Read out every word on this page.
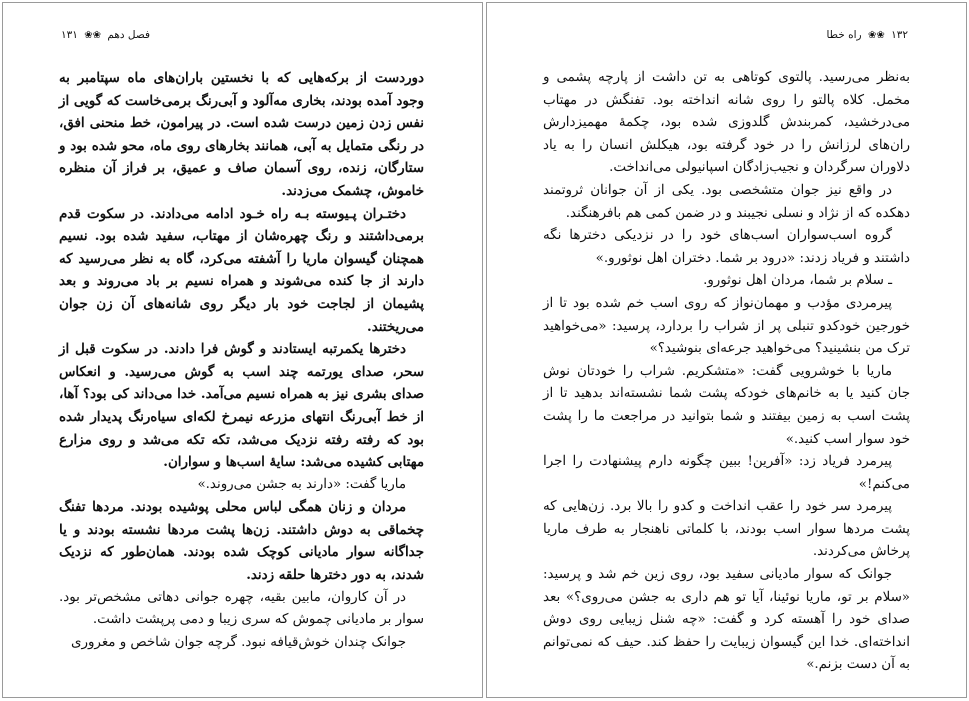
فصل دهم ❀❀ ۱۳۱

دوردست از برکه‌هایی که با نخستین باران‌های ماه سپتامبر به وجود آمده بودند، بخاری مه‌آلود و آبی‌رنگ برمی‌خاست که گویی از نفس زدن زمین درست شده است. در پیرامون، خط منحنی افق، در رنگی متمایل به آبی، همانند بخارهای روی ماه، محو شده بود و ستارگان، زنده، روی آسمان صاف و عمیق، بر فراز آن منظره خاموش، چشمک می‌زدند.

دختـران پـیوسته بـه راه خـود ادامه می‌دادند. در سکوت قدم برمی‌داشتند و رنگ چهره‌شان از مهتاب، سفید شده بود. نسیم همچنان گیسوان ماریا را آشفته می‌کرد، گاه به نظر می‌رسید که دارند از جا کنده می‌شوند و همراه نسیم بر باد می‌روند و بعد پشیمان از لجاجت خود بار دیگر روی شانه‌های آن زن جوان می‌ریختند.

دخترها یکمرتبه ایستادند و گوش فرا دادند. در سکوت قبل از سحر، صدای یورتمه چند اسب به گوش می‌رسید. و انعکاس صدای بشری نیز به همراه نسیم می‌آمد. خدا می‌داند کی بود؟ آها، از خط آبی‌رنگ انتهای مزرعه نیمرخ لکه‌ای سیاه‌رنگ پدیدار شده بود که رفته رفته نزدیک می‌شد، تکه تکه می‌شد و روی مزارع مهتابی کشیده می‌شد: سایهٔ اسب‌ها و سواران.

ماریا گفت: «دارند به جشن می‌روند.»

مردان و زنان همگی لباس محلی پوشیده بودند. مردها تفنگ چخماقی به دوش داشتند. زن‌ها پشت مردها نشسته بودند و یا جداگانه سوار مادیانی کوچک شده بودند. همان‌طور که نزدیک شدند، به دور دخترها حلقه زدند.

در آن کاروان، مابین بقیه، چهره جوانی دهاتی مشخص‌تر بود. سوار بر مادیانی چموش که سری زیبا و دمی پرپشت داشت.

جوانک چندان خوش‌قیافه نبود. گرچه جوان شاخص و مغروری

۱۳۲ ❀❀ راه خطا

به‌نظر می‌رسید. پالتوی کوتاهی به تن داشت از پارچه پشمی و مخمل. کلاه پالتو را روی شانه انداخته بود. تفنگش در مهتاب می‌درخشید، کمربندش گلدوزی شده بود، چکمهٔ مهمیزدارش ران‌های لرزانش را در خود گرفته بود، هیکلش انسان را به یاد دلاوران سرگردان و نجیب‌زادگان اسپانیولی می‌انداخت.

در واقع نیز جوان متشخصی بود. یکی از آن جوانان ثروتمند دهکده که از نژاد و نسلی نجیبند و در ضمن کمی هم بافرهنگند.

گروه اسب‌سواران اسب‌های خود را در نزدیکی دخترها نگه داشتند و فریاد زدند: «درود بر شما. دختران اهل نوثورو.»

ـ سلام بر شما، مردان اهل نوثورو.

پیرمردی مؤدب و مهمان‌نواز که روی اسب خم شده بود تا از خورجین خودکدو تنبلی پر از شراب را بردارد، پرسید: «می‌خواهید ترک من بنشینید؟ می‌خواهید جرعه‌ای بنوشید؟»

ماریا با خوشرویی گفت: «متشکریم. شراب را خودتان نوش جان کنید یا به خانم‌های خودکه پشت شما نشسته‌اند بدهید تا از پشت اسب به زمین بیفتند و شما بتوانید در مراجعت ما را پشت خود سوار اسب کنید.»

پیرمرد فریاد زد: «آفرین! ببین چگونه دارم پیشنهادت را اجرا می‌کنم!»

پیرمرد سر خود را عقب انداخت و کدو را بالا برد. زن‌هایی که پشت مردها سوار اسب بودند، با کلماتی ناهنجار به طرف ماریا پرخاش می‌کردند.

جوانک که سوار مادیانی سفید بود، روی زین خم شد و پرسید: «سلام بر تو، ماریا نوئینا، آیا تو هم داری به جشن می‌روی؟» بعد صدای خود را آهسته کرد و گفت: «چه شنل زیبایی روی دوش انداخته‌ای. خدا این گیسوان زیبایت را حفظ کند. حیف که نمی‌توانم به آن دست بزنم.»
